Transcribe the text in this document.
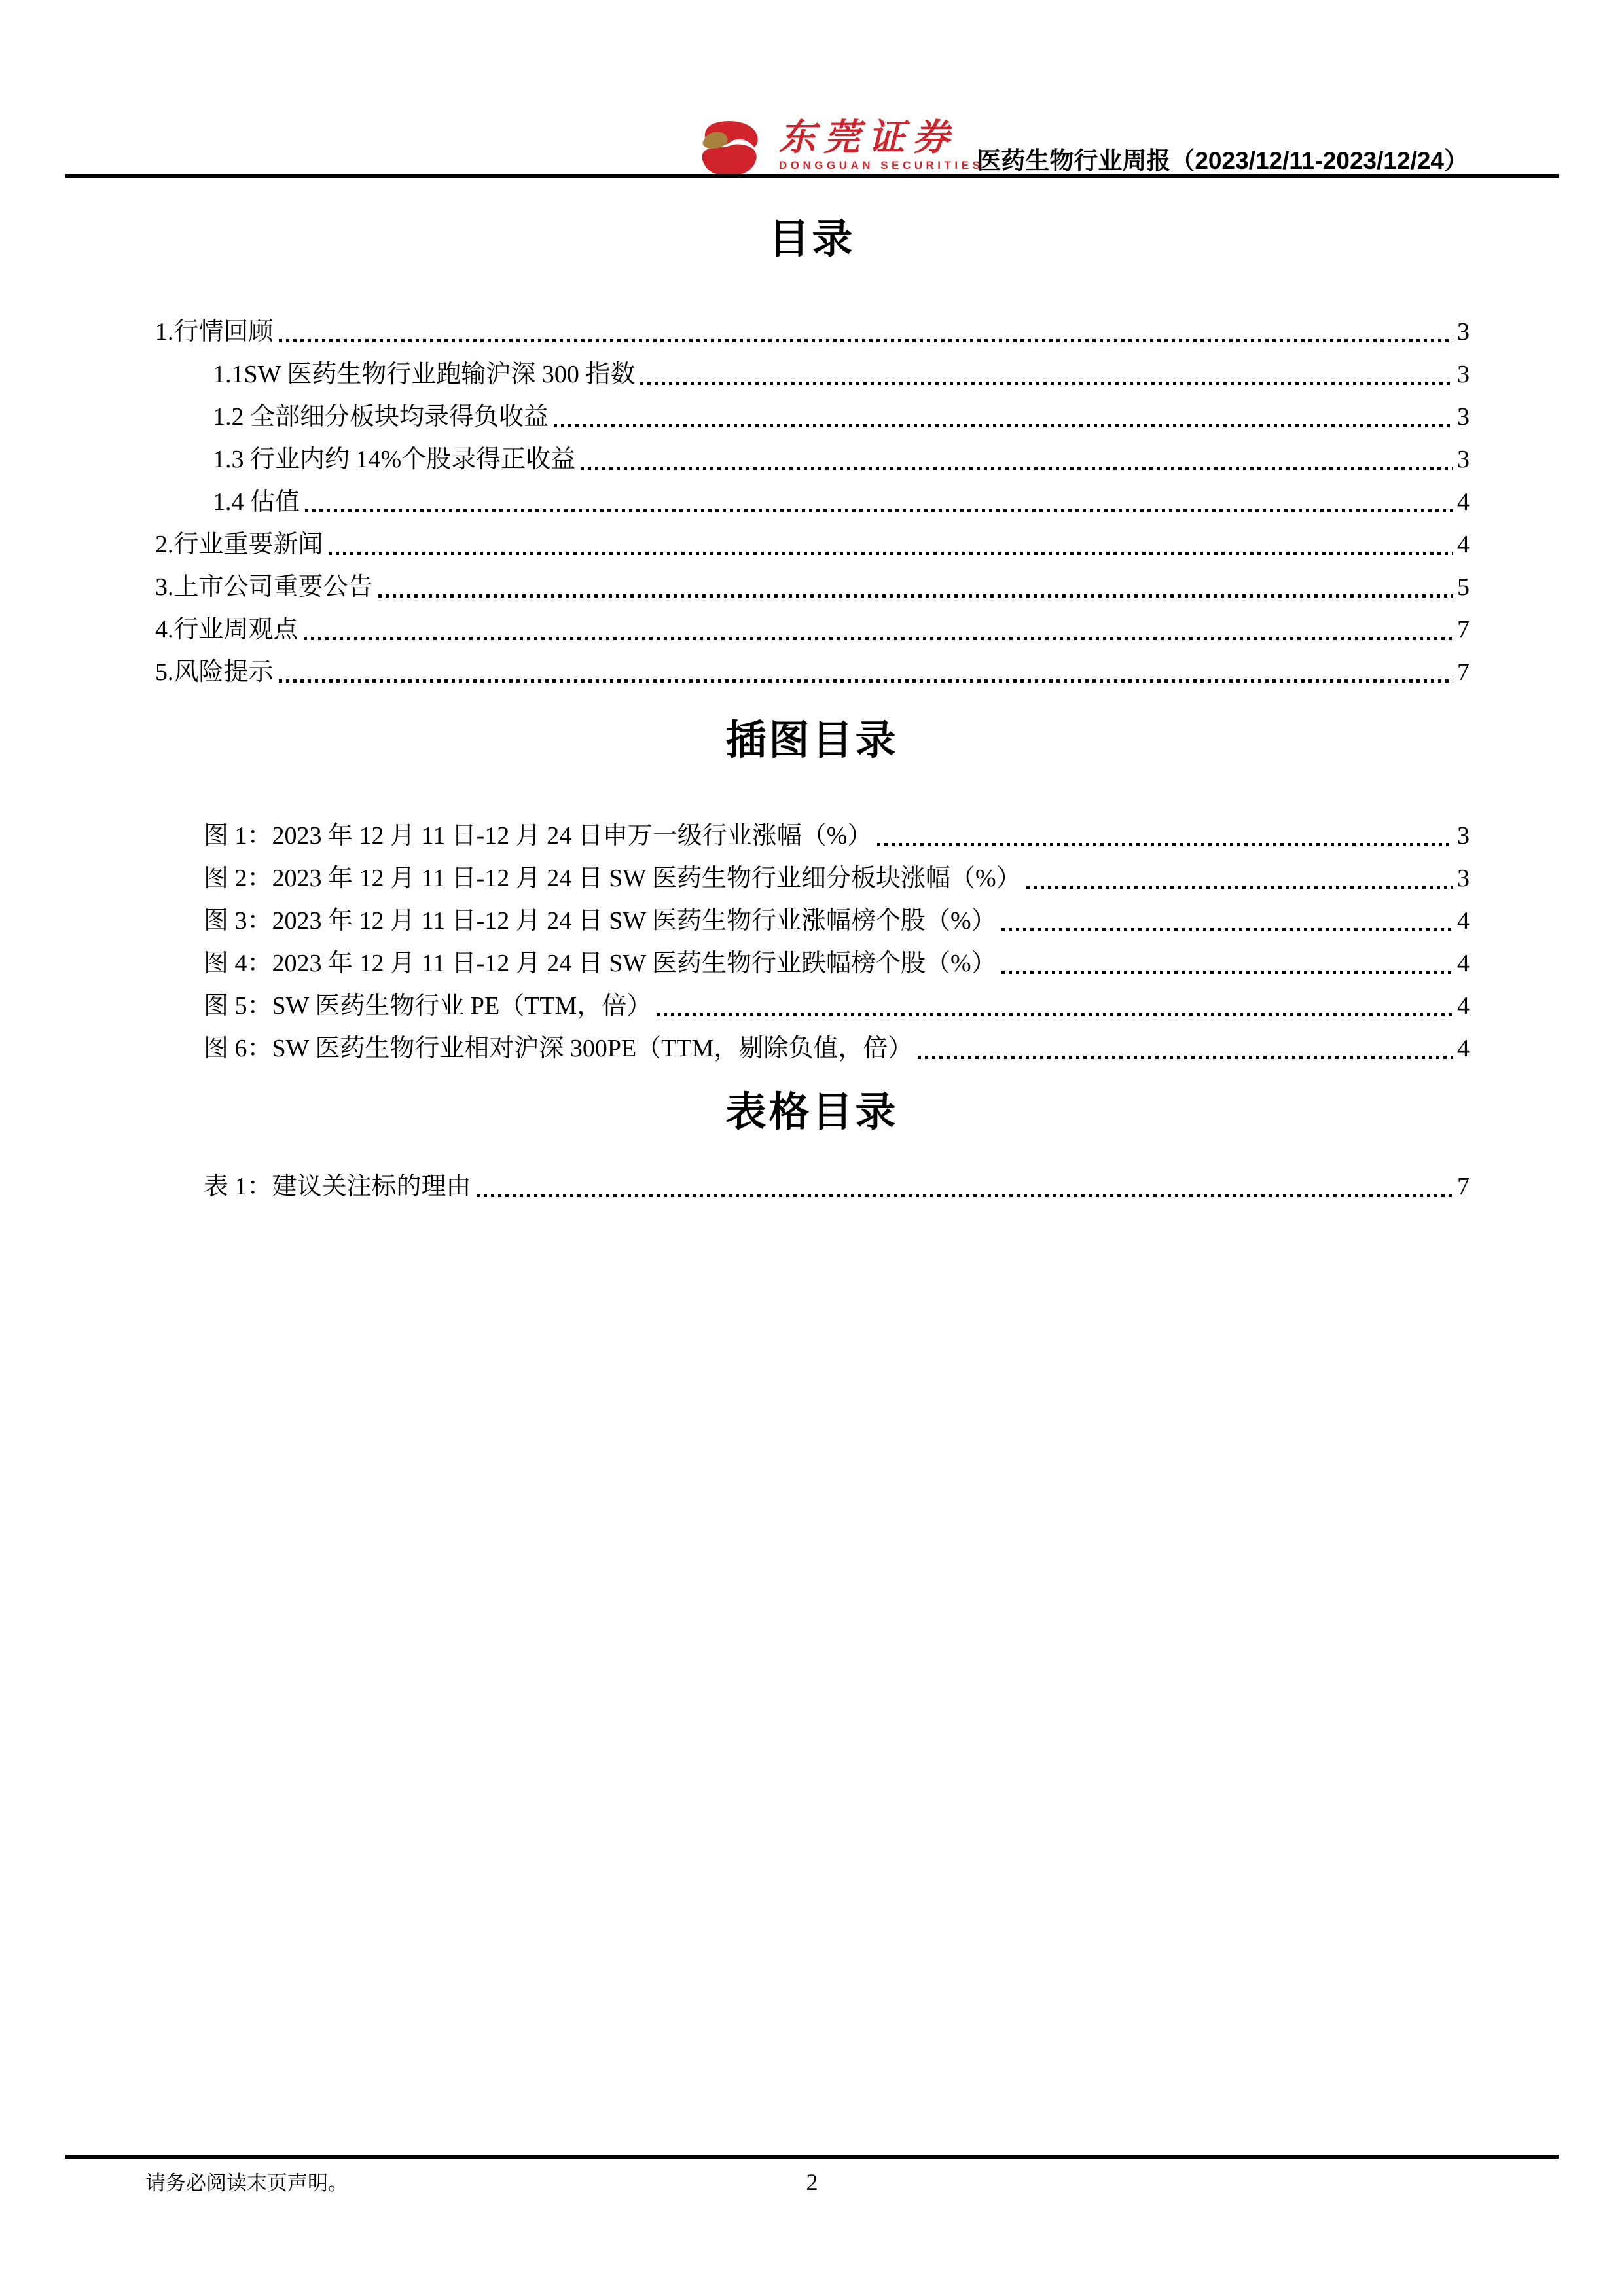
东莞证券
DONGGUAN SECURITIES
医药生物行业周报（2023/12/11-2023/12/24）
目录
1.行情回顾	3
1.1SW 医药生物行业跑输沪深 300 指数	3
1.2 全部细分板块均录得负收益	3
1.3 行业内约 14%个股录得正收益	3
1.4 估值	4
2.行业重要新闻	4
3.上市公司重要公告	5
4.行业周观点	7
5.风险提示	7
插图目录
图 1：2023 年 12 月 11 日-12 月 24 日申万一级行业涨幅（%）	3
图 2：2023 年 12 月 11 日-12 月 24 日 SW 医药生物行业细分板块涨幅（%）	3
图 3：2023 年 12 月 11 日-12 月 24 日 SW 医药生物行业涨幅榜个股（%）	4
图 4：2023 年 12 月 11 日-12 月 24 日 SW 医药生物行业跌幅榜个股（%）	4
图 5：SW 医药生物行业 PE（TTM，倍）	4
图 6：SW 医药生物行业相对沪深 300PE（TTM，剔除负值，倍）	4
表格目录
表 1：建议关注标的理由	7
请务必阅读末页声明。	2
